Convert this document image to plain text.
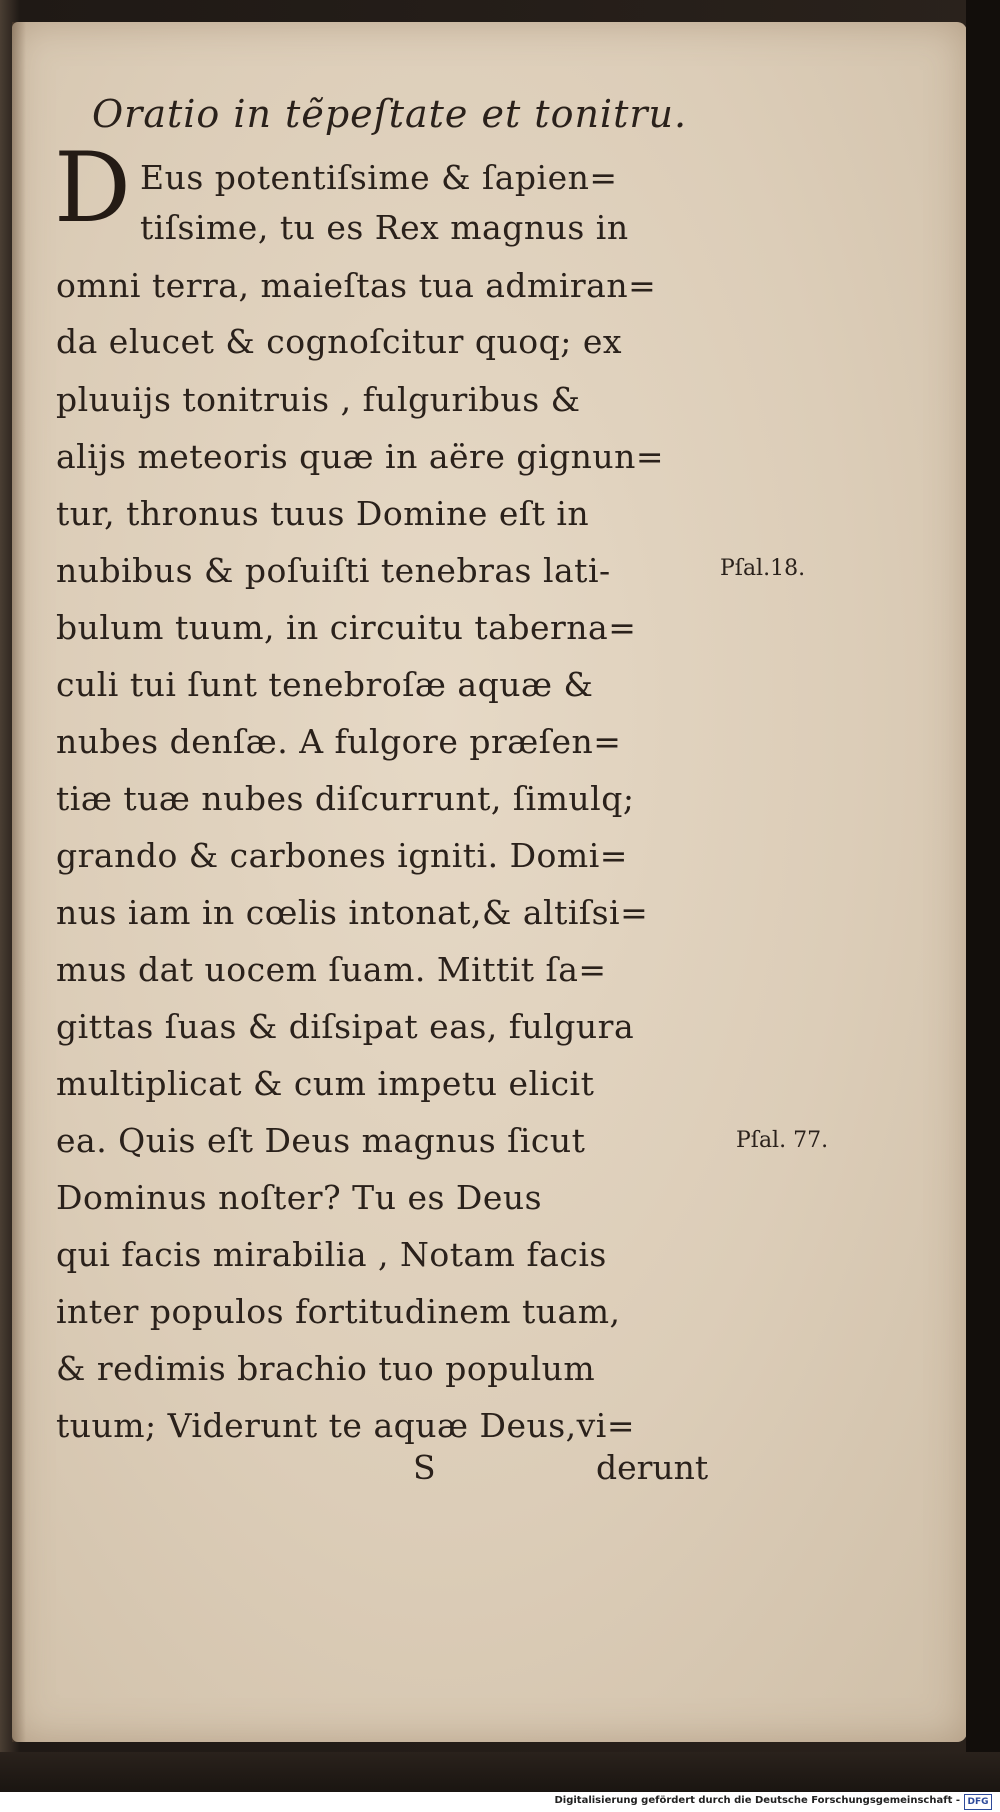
Oratio in tẽpeſtate et tonitru.
D Eus potentiſsime & ſapien=
tiſsime, tu es Rex magnus in
omni terra, maieſtas tua admiran=
da elucet & cognoſcitur quoq; ex
pluuijs tonitruis , fulguribus &
alijs meteoris quæ in aëre gignun=
tur, thronus tuus Domine eſt in
nubibus & poſuiſti tenebras lati-
bulum tuum, in circuitu taberna=
culi tui ſunt tenebroſæ aquæ &
nubes denſæ. A fulgore præſen=
tiæ tuæ nubes diſcurrunt, ſimulq;
grando & carbones igniti. Domi=
nus iam in cœlis intonat,& altiſsi=
mus dat uocem ſuam. Mittit ſa=
gittas ſuas & diſsipat eas, fulgura
multiplicat & cum impetu elicit
ea. Quis eſt Deus magnus ſicut
Dominus noſter? Tu es Deus
qui facis mirabilia , Notam facis
inter populos fortitudinem tuam,
& redimis brachio tuo populum
tuum; Viderunt te aquæ Deus,vi=
Pſal.18.
Pſal. 77.
S	derunt
Digitalisierung gefördert durch die Deutsche Forschungsgemeinschaft - DFG
